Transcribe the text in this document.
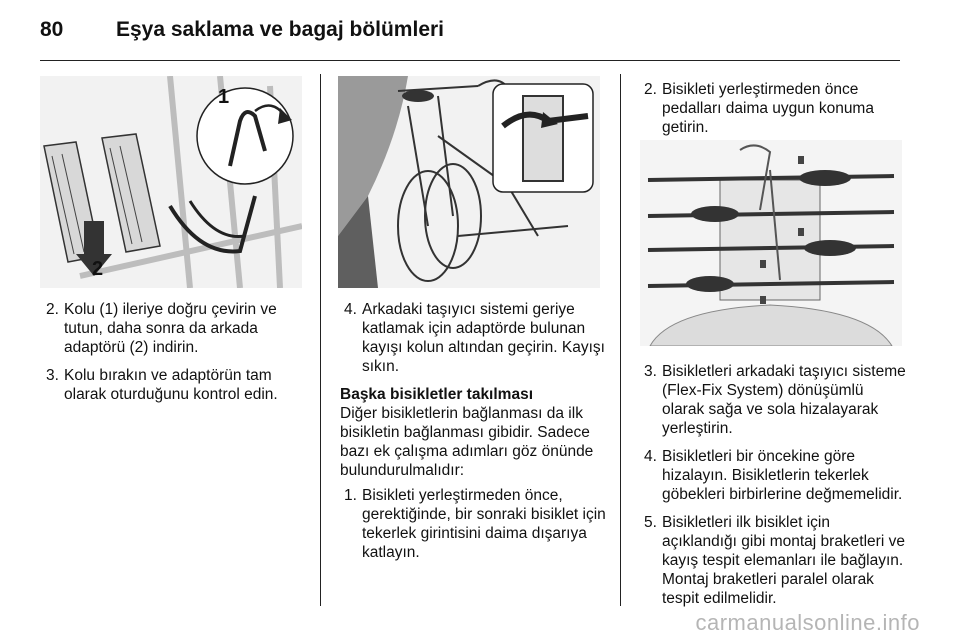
80	Eşya saklama ve bagaj bölümleri
1
2
2. Kolu (1) ileriye doğru çevirin ve tutun, daha sonra da arkada adaptörü (2) indirin.
3. Kolu bırakın ve adaptörün tam olarak oturduğunu kontrol edin.
4. Arkadaki taşıyıcı sistemi geriye katlamak için adaptörde bulunan kayışı kolun altından geçirin. Kayışı sıkın.
Başka bisikletler takılması
Diğer bisikletlerin bağlanması da ilk bisikletin bağlanması gibidir. Sadece bazı ek çalışma adımları göz önünde bulundurulmalıdır:
1. Bisikleti yerleştirmeden önce, gerektiğinde, bir sonraki bisiklet için tekerlek girintisini daima dışarıya katlayın.
2. Bisikleti yerleştirmeden önce pedalları daima uygun konuma getirin.
3. Bisikletleri arkadaki taşıyıcı sisteme (Flex-Fix System) dönüşümlü olarak sağa ve sola hizalayarak yerleştirin.
4. Bisikletleri bir öncekine göre hizalayın. Bisikletlerin tekerlek göbekleri birbirlerine değmemelidir.
5. Bisikletleri ilk bisiklet için açıklandığı gibi montaj braketleri ve kayış tespit elemanları ile bağlayın. Montaj braketleri paralel olarak tespit edilmelidir.
carmanualsonline.info
